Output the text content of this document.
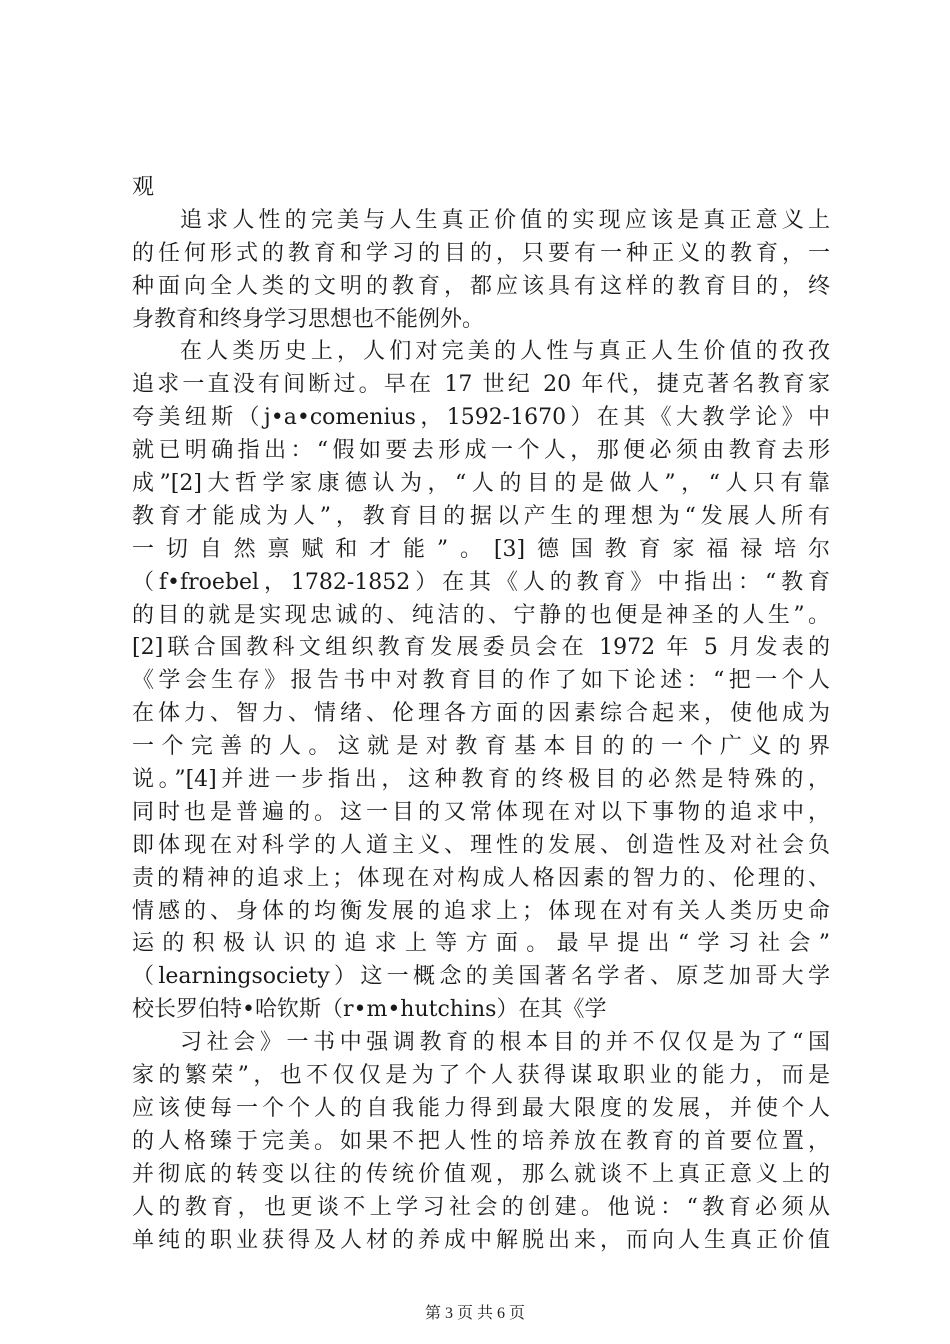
观
追求人性的完美与人生真正价值的实现应该是真正意义上
的任何形式的教育和学习的目的，只要有一种正义的教育，一
种面向全人类的文明的教育，都应该具有这样的教育目的，终
身教育和终身学习思想也不能例外。
在人类历史上，人们对完美的人性与真正人生价值的孜孜
追求一直没有间断过。早在 17 世纪 20 年代，捷克著名教育家
夸美纽斯（j•a•comenius，1592-1670）在其《大教学论》中
就已明确指出：“假如要去形成一个人，那便必须由教育去形
成”[2]大哲学家康德认为，“人的目的是做人”，“人只有靠
教育才能成为人”，教育目的据以产生的理想为“发展人所有
一切自然禀赋和才能”。[3]德国教育家福禄培尔
（f•froebel，1782-1852）在其《人的教育》中指出：“教育
的目的就是实现忠诚的、纯洁的、宁静的也便是神圣的人生”。
[2]联合国教科文组织教育发展委员会在 1972 年 5 月发表的
《学会生存》报告书中对教育目的作了如下论述：“把一个人
在体力、智力、情绪、伦理各方面的因素综合起来，使他成为
一个完善的人。这就是对教育基本目的的一个广义的界
说。”[4]并进一步指出，这种教育的终极目的必然是特殊的，
同时也是普遍的。这一目的又常体现在对以下事物的追求中，
即体现在对科学的人道主义、理性的发展、创造性及对社会负
责的精神的追求上；体现在对构成人格因素的智力的、伦理的、
情感的、身体的均衡发展的追求上；体现在对有关人类历史命
运的积极认识的追求上等方面。最早提出“学习社会”
（learningsociety）这一概念的美国著名学者、原芝加哥大学
校长罗伯特•哈钦斯（r•m•hutchins）在其《学
习社会》一书中强调教育的根本目的并不仅仅是为了“国
家的繁荣”，也不仅仅是为了个人获得谋取职业的能力，而是
应该使每一个个人的自我能力得到最大限度的发展，并使个人
的人格臻于完美。如果不把人性的培养放在教育的首要位置，
并彻底的转变以往的传统价值观，那么就谈不上真正意义上的
人的教育，也更谈不上学习社会的创建。他说：“教育必须从
单纯的职业获得及人材的养成中解脱出来，而向人生真正价值
第 3 页 共 6 页
